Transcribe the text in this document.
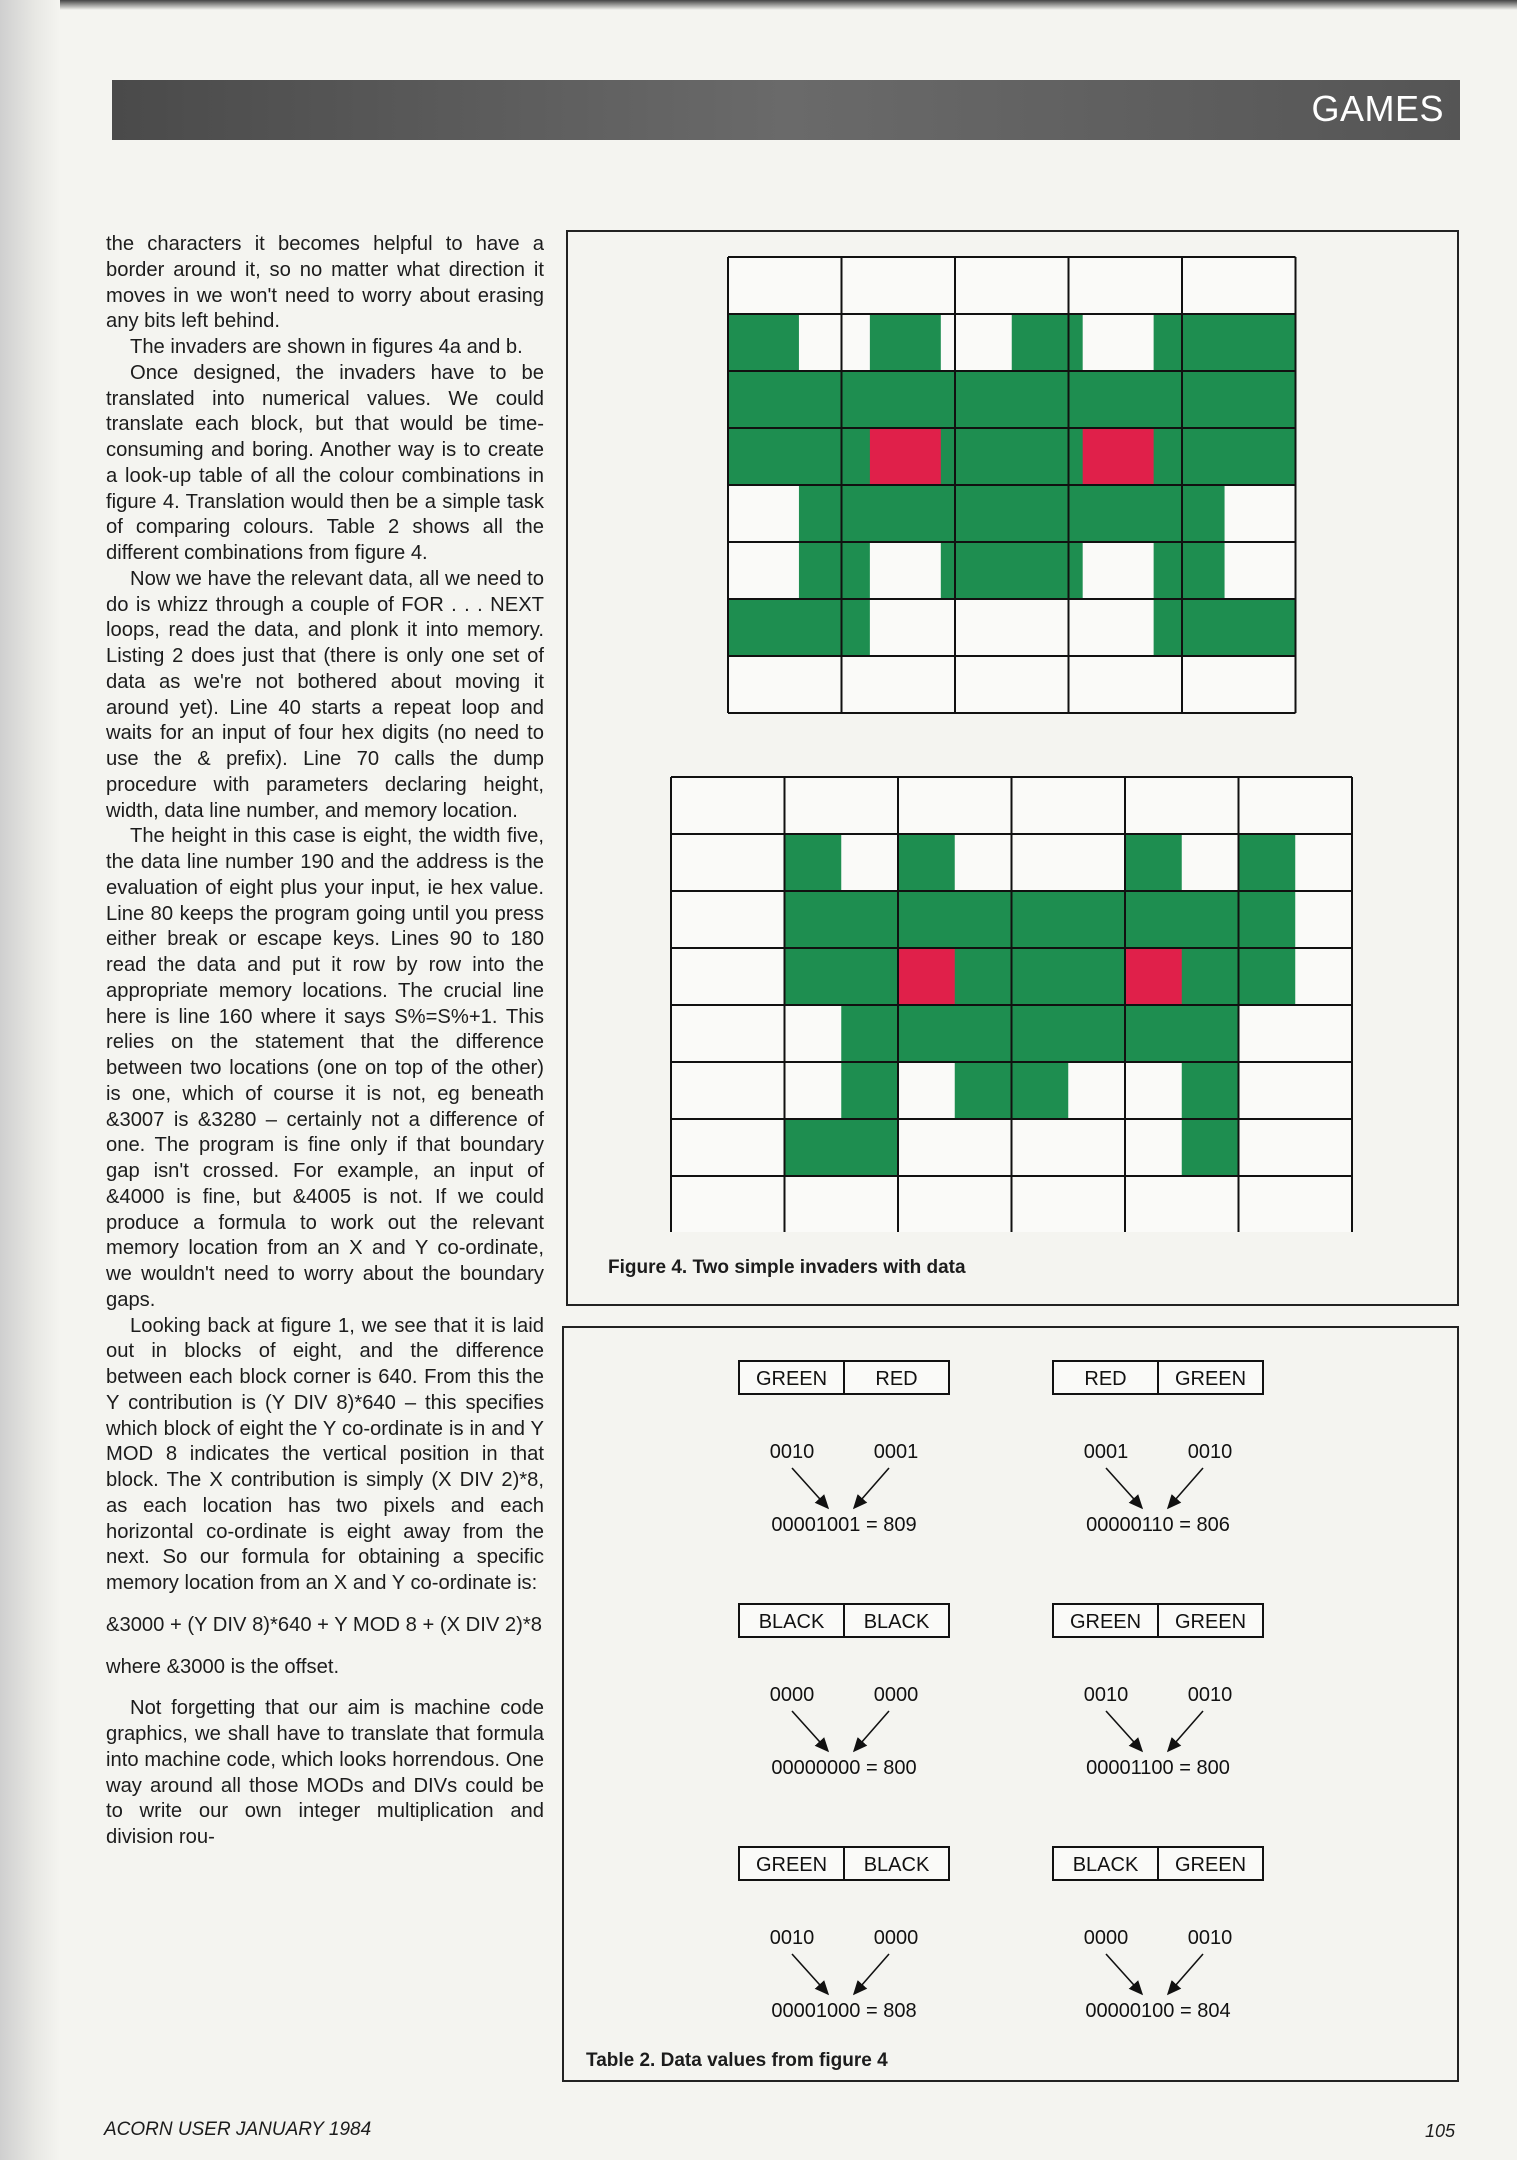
GAMES

the characters it becomes helpful to have a border around it, so no matter what direction it moves in we won't need to worry about erasing any bits left behind.

The invaders are shown in figures 4a and b.

Once designed, the invaders have to be translated into numerical values. We could translate each block, but that would be time-consuming and boring. Another way is to create a look-up table of all the colour combinations in figure 4. Translation would then be a simple task of comparing colours. Table 2 shows all the different combinations from figure 4.

Now we have the relevant data, all we need to do is whizz through a couple of FOR . . . NEXT loops, read the data, and plonk it into memory. Listing 2 does just that (there is only one set of data as we're not bothered about moving it around yet). Line 40 starts a repeat loop and waits for an input of four hex digits (no need to use the & prefix). Line 70 calls the dump procedure with parameters declaring height, width, data line number, and memory location.

The height in this case is eight, the width five, the data line number 190 and the address is the evaluation of eight plus your input, ie hex value. Line 80 keeps the program going until you press either break or escape keys. Lines 90 to 180 read the data and put it row by row into the appropriate memory locations. The crucial line here is line 160 where it says S%=S%+1. This relies on the statement that the difference between two locations (one on top of the other) is one, which of course it is not, eg beneath &3007 is &3280 – certainly not a difference of one. The program is fine only if that boundary gap isn't crossed. For example, an input of &4000 is fine, but &4005 is not. If we could produce a formula to work out the relevant memory location from an X and Y co-ordinate, we wouldn't need to worry about the boundary gaps.

Looking back at figure 1, we see that it is laid out in blocks of eight, and the difference between each block corner is 640. From this the Y contribution is (Y DIV 8)*640 – this specifies which block of eight the Y co-ordinate is in and Y MOD 8 indicates the vertical position in that block. The X contribution is simply (X DIV 2)*8, as each location has two pixels and each horizontal co-ordinate is eight away from the next. So our formula for obtaining a specific memory location from an X and Y co-ordinate is:

&3000 + (Y DIV 8)*640 + Y MOD 8 + (X DIV 2)*8

where &3000 is the offset.

Not forgetting that our aim is machine code graphics, we shall have to translate that formula into machine code, which looks horrendous. One way around all those MODs and DIVs could be to write our own integer multiplication and division rou-

Figure 4. Two simple invaders with data
GREEN RED
0010	0001
00001001 = 809
RED GREEN
0001	0010
00000110 = 806
BLACK BLACK
0000	0000
00000000 = 800
GREEN GREEN
0010	0010
00001100 = 800
GREEN BLACK
0010	0000
00001000 = 808
BLACK GREEN
0000	0010
00000100 = 804
Table 2. Data values from figure 4
ACORN USER JANUARY 1984	105
